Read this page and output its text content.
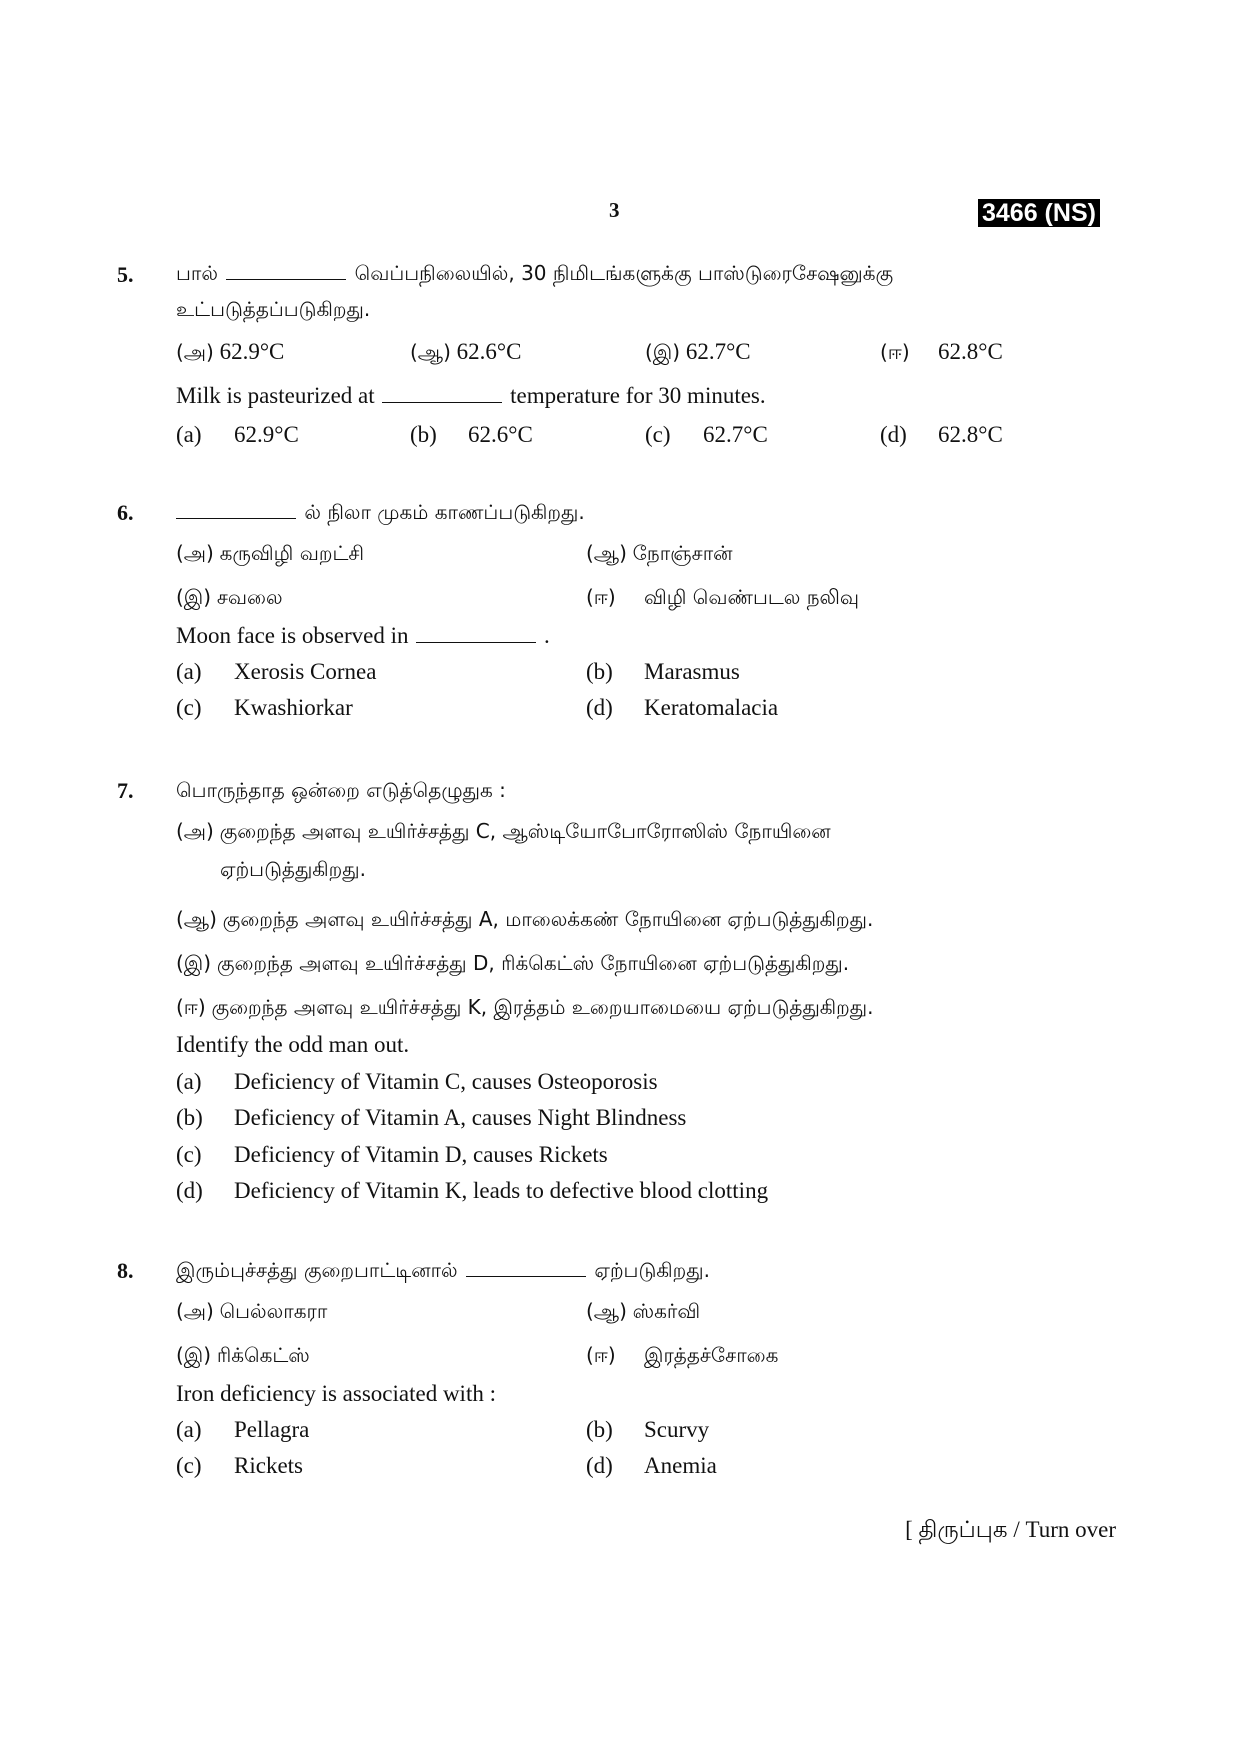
3	3466 (NS)
5. பால்	வெப்பநிலையில், 30 நிமிடங்களுக்கு பாஸ்டுரைசேஷனுக்கு
உட்படுத்தப்படுகிறது.
(அ) 62.9°C	(ஆ) 62.6°C	(இ) 62.7°C	(ஈ) 62.8°C
Milk is pasteurized at	temperature for 30 minutes.
(a) 62.9°C	(b) 62.6°C	(c) 62.7°C	(d) 62.8°C
6.	ல் நிலா முகம் காணப்படுகிறது.
(அ) கருவிழி வறட்சி	(ஆ) நோஞ்சான்
(இ) சவலை	(ஈ) விழி வெண்படல நலிவு
Moon face is observed in	.
(a) Xerosis Cornea	(b) Marasmus
(c) Kwashiorkar	(d) Keratomalacia
7. பொருந்தாத ஒன்றை எடுத்தெழுதுக :
(அ) குறைந்த அளவு உயிர்ச்சத்து C, ஆஸ்டியோபோரோஸிஸ் நோயினை
ஏற்படுத்துகிறது.
(ஆ) குறைந்த அளவு உயிர்ச்சத்து A, மாலைக்கண் நோயினை ஏற்படுத்துகிறது.
(இ) குறைந்த அளவு உயிர்ச்சத்து D, ரிக்கெட்ஸ் நோயினை ஏற்படுத்துகிறது.
(ஈ) குறைந்த அளவு உயிர்ச்சத்து K, இரத்தம் உறையாமையை ஏற்படுத்துகிறது.
Identify the odd man out.
(a) Deficiency of Vitamin C, causes Osteoporosis
(b) Deficiency of Vitamin A, causes Night Blindness
(c) Deficiency of Vitamin D, causes Rickets
(d) Deficiency of Vitamin K, leads to defective blood clotting
8. இரும்புச்சத்து குறைபாட்டினால்	ஏற்படுகிறது.
(அ) பெல்லாகரா	(ஆ) ஸ்கர்வி
(இ) ரிக்கெட்ஸ்	(ஈ) இரத்தச்சோகை
Iron deficiency is associated with :
(a) Pellagra	(b) Scurvy
(c) Rickets	(d) Anemia
[ திருப்புக / Turn over
